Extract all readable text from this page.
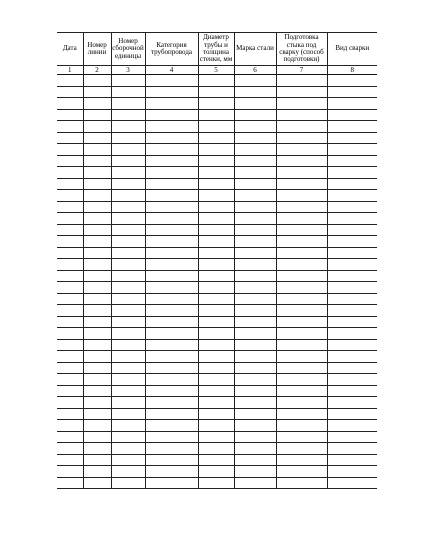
Дата	Номер линии	Номер сборочной единицы	Категория трубопровода	Диаметр трубы и толщина стенки, мм	Марка стали	Подготовка стыка под сварку (способ подготовки)	Вид сварки
1	2	3	4	5	6	7	8
